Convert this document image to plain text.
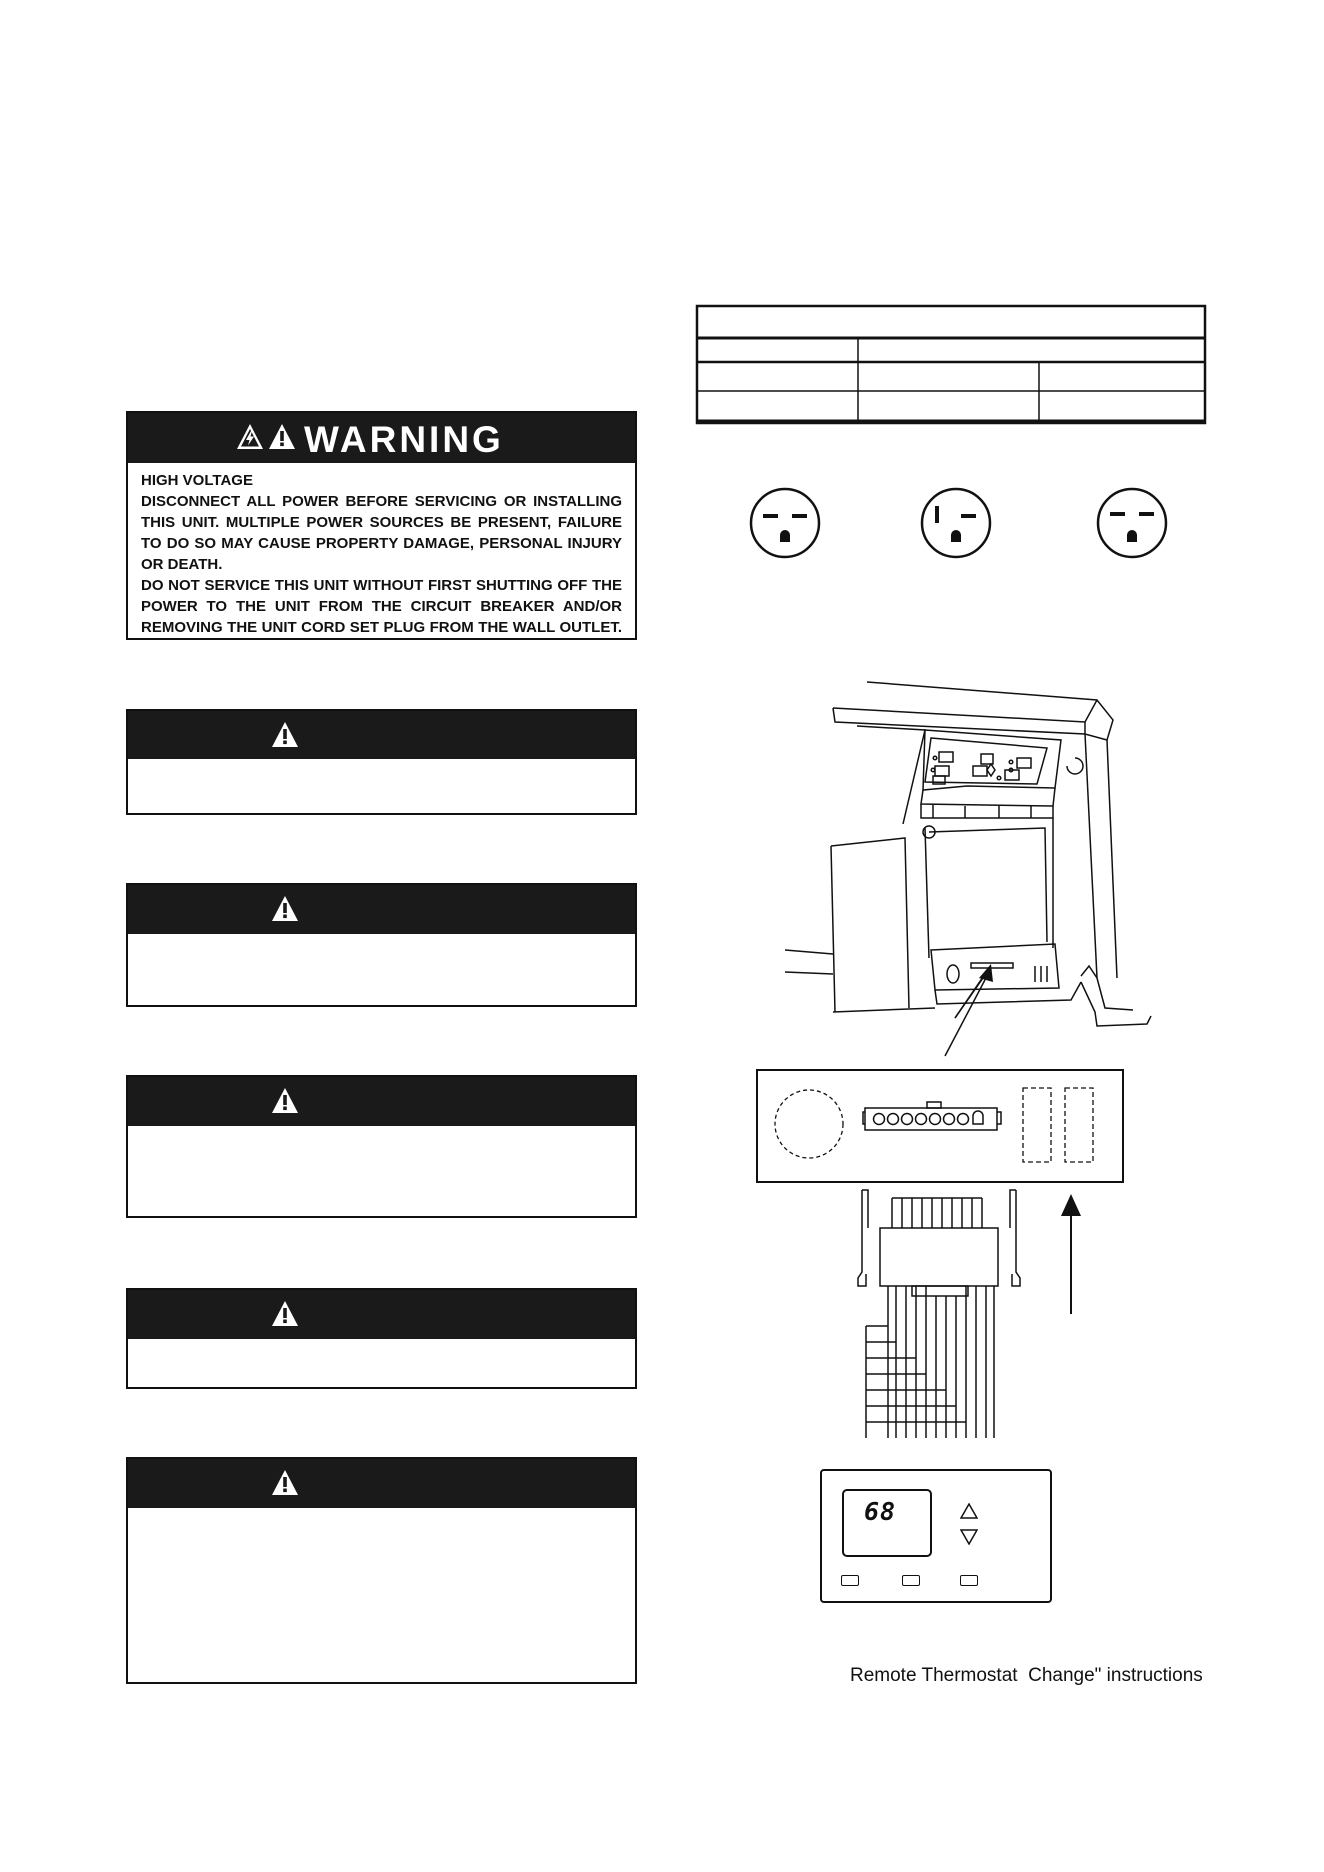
WARNING

HIGH VOLTAGE

DISCONNECT ALL POWER BEFORE SERVICING OR INSTALLING

THIS UNIT. MULTIPLE POWER SOURCES BE PRESENT, FAILURE

TO DO SO MAY CAUSE PROPERTY DAMAGE, PERSONAL INJURY

OR DEATH.

DO NOT SERVICE THIS UNIT WITHOUT FIRST SHUTTING OFF THE

POWER TO THE UNIT FROM THE CIRCUIT BREAKER AND/OR

REMOVING THE UNIT CORD SET PLUG FROM THE WALL OUTLET.

68
Remote Thermostat  Change" instructions
